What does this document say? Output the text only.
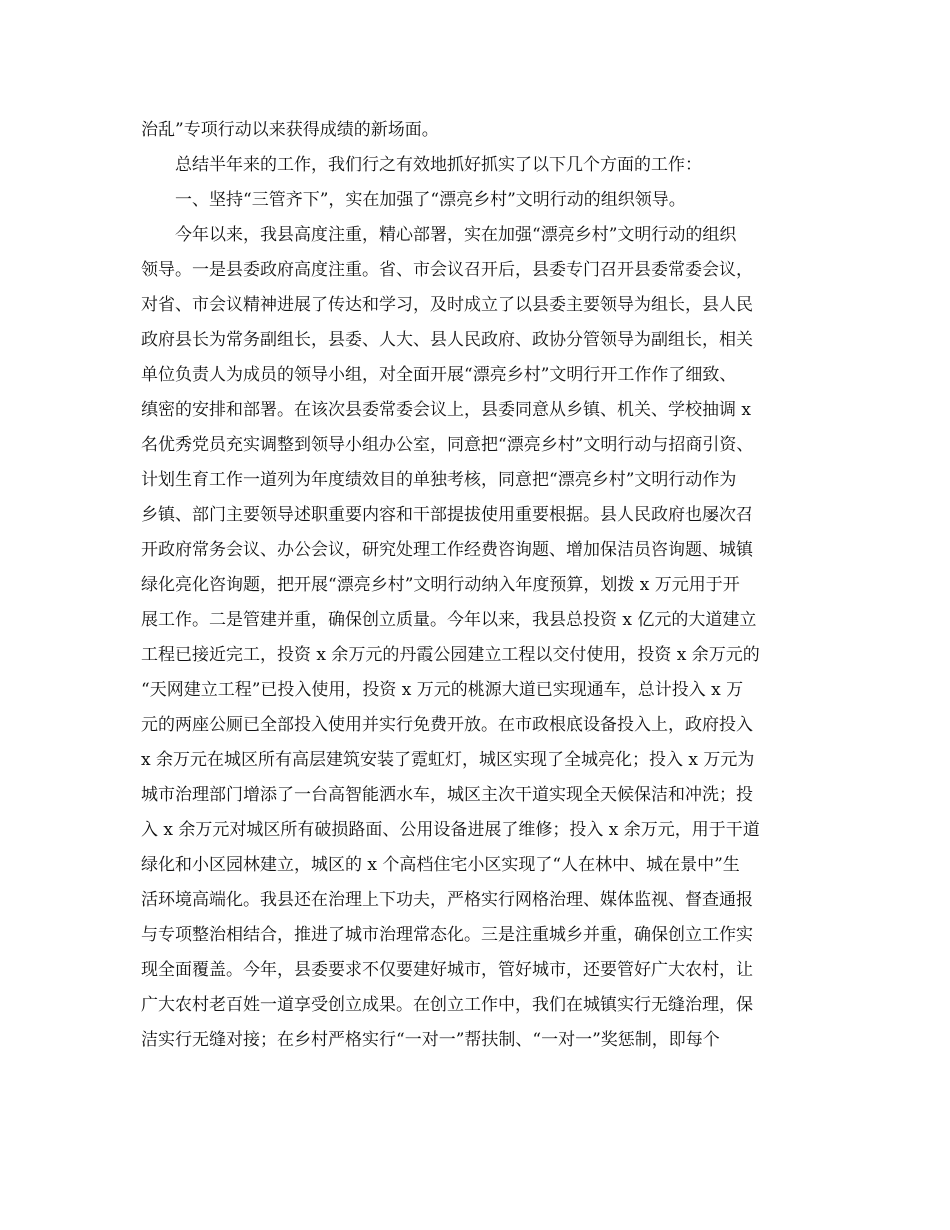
治乱”专项行动以来获得成绩的新场面。
总结半年来的工作，我们行之有效地抓好抓实了以下几个方面的工作：
一、坚持“三管齐下”，实在加强了“漂亮乡村”文明行动的组织领导。
今年以来，我县高度注重，精心部署，实在加强“漂亮乡村”文明行动的组织
领导。一是县委政府高度注重。省、市会议召开后，县委专门召开县委常委会议，
对省、市会议精神进展了传达和学习，及时成立了以县委主要领导为组长，县人民
政府县长为常务副组长，县委、人大、县人民政府、政协分管领导为副组长，相关
单位负责人为成员的领导小组，对全面开展“漂亮乡村”文明行开工作作了细致、
缜密的安排和部署。在该次县委常委会议上，县委同意从乡镇、机关、学校抽调 x
名优秀党员充实调整到领导小组办公室，同意把“漂亮乡村”文明行动与招商引资、
计划生育工作一道列为年度绩效目的单独考核，同意把“漂亮乡村”文明行动作为
乡镇、部门主要领导述职重要内容和干部提拔使用重要根据。县人民政府也屡次召
开政府常务会议、办公会议，研究处理工作经费咨询题、增加保洁员咨询题、城镇
绿化亮化咨询题，把开展“漂亮乡村”文明行动纳入年度预算，划拨 x 万元用于开
展工作。二是管建并重，确保创立质量。今年以来，我县总投资 x 亿元的大道建立
工程已接近完工，投资 x 余万元的丹霞公园建立工程以交付使用，投资 x 余万元的
“天网建立工程”已投入使用，投资 x 万元的桃源大道已实现通车，总计投入 x 万
元的两座公厕已全部投入使用并实行免费开放。在市政根底设备投入上，政府投入
x 余万元在城区所有高层建筑安装了霓虹灯，城区实现了全城亮化；投入 x 万元为
城市治理部门增添了一台高智能洒水车，城区主次干道实现全天候保洁和冲洗；投
入 x 余万元对城区所有破损路面、公用设备进展了维修；投入 x 余万元，用于干道
绿化和小区园林建立，城区的 x 个高档住宅小区实现了“人在林中、城在景中”生
活环境高端化。我县还在治理上下功夫，严格实行网格治理、媒体监视、督查通报
与专项整治相结合，推进了城市治理常态化。三是注重城乡并重，确保创立工作实
现全面覆盖。今年，县委要求不仅要建好城市，管好城市，还要管好广大农村，让
广大农村老百姓一道享受创立成果。在创立工作中，我们在城镇实行无缝治理，保
洁实行无缝对接；在乡村严格实行“一对一”帮扶制、“一对一”奖惩制，即每个
